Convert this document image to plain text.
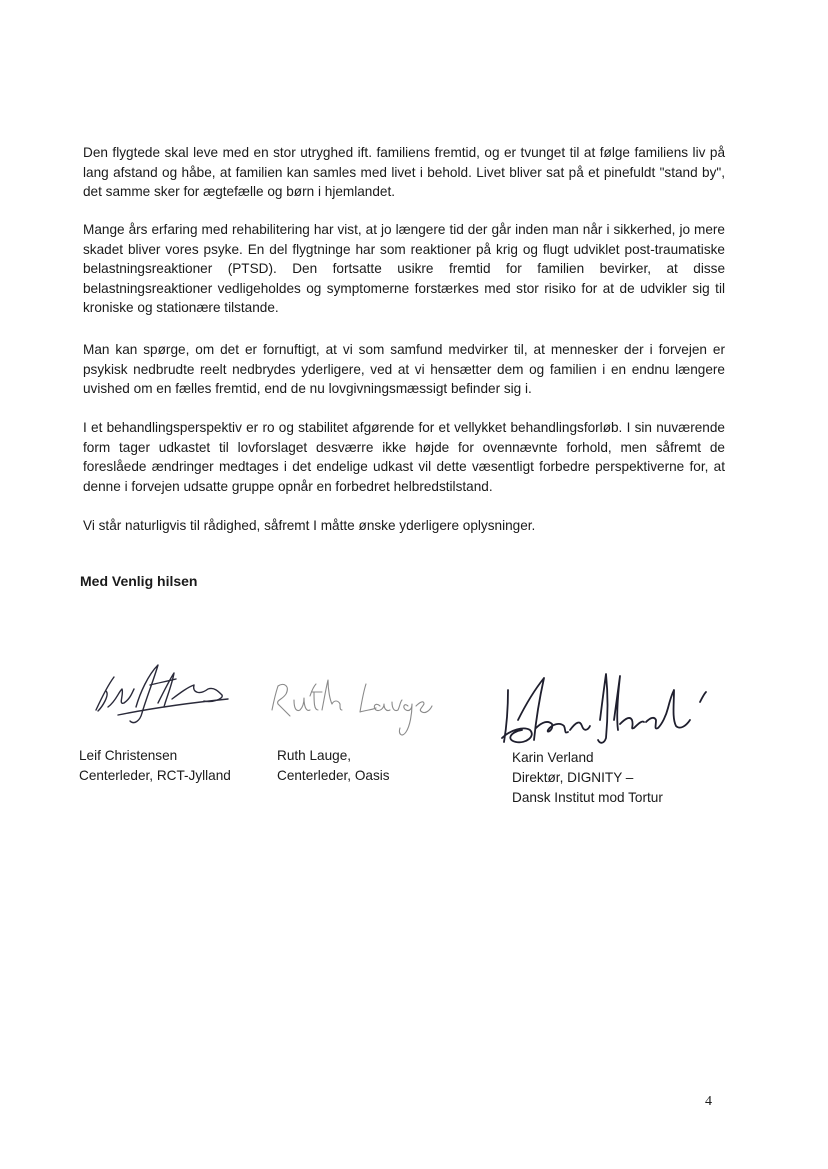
Den flygtede skal leve med en stor utryghed ift. familiens fremtid, og er tvunget til at følge familiens liv på lang afstand og håbe, at familien kan samles med livet i behold. Livet bliver sat på et pinefuldt "stand by", det samme sker for ægtefælle og børn i hjemlandet.

Mange års erfaring med rehabilitering har vist, at jo længere tid der går inden man når i sikkerhed, jo mere skadet bliver vores psyke. En del flygtninge har som reaktioner på krig og flugt udviklet post-traumatiske belastningsreaktioner (PTSD). Den fortsatte usikre fremtid for familien bevirker, at disse belastningsreaktioner vedligeholdes og symptomerne forstærkes med stor risiko for at de udvikler sig til kroniske og stationære tilstande.

Man kan spørge, om det er fornuftigt, at vi som samfund medvirker til, at mennesker der i forvejen er psykisk nedbrudte reelt nedbrydes yderligere, ved at vi hensætter dem og familien i en endnu længere uvished om en fælles fremtid, end de nu lovgivningsmæssigt befinder sig i.

I et behandlingsperspektiv er ro og stabilitet afgørende for et vellykket behandlingsforløb. I sin nuværende form tager udkastet til lovforslaget desværre ikke højde for ovennævnte forhold, men såfremt de foreslåede ændringer medtages i det endelige udkast vil dette væsentligt forbedre perspektiverne for, at denne i forvejen udsatte gruppe opnår en forbedret helbredstilstand.

Vi står naturligvis til rådighed, såfremt I måtte ønske yderligere oplysninger.

Med Venlig hilsen

Leif Christensen
Centerleder, RCT-Jylland
Ruth Lauge,
Centerleder, Oasis
Karin Verland
Direktør, DIGNITY –
Dansk Institut mod Tortur
4
